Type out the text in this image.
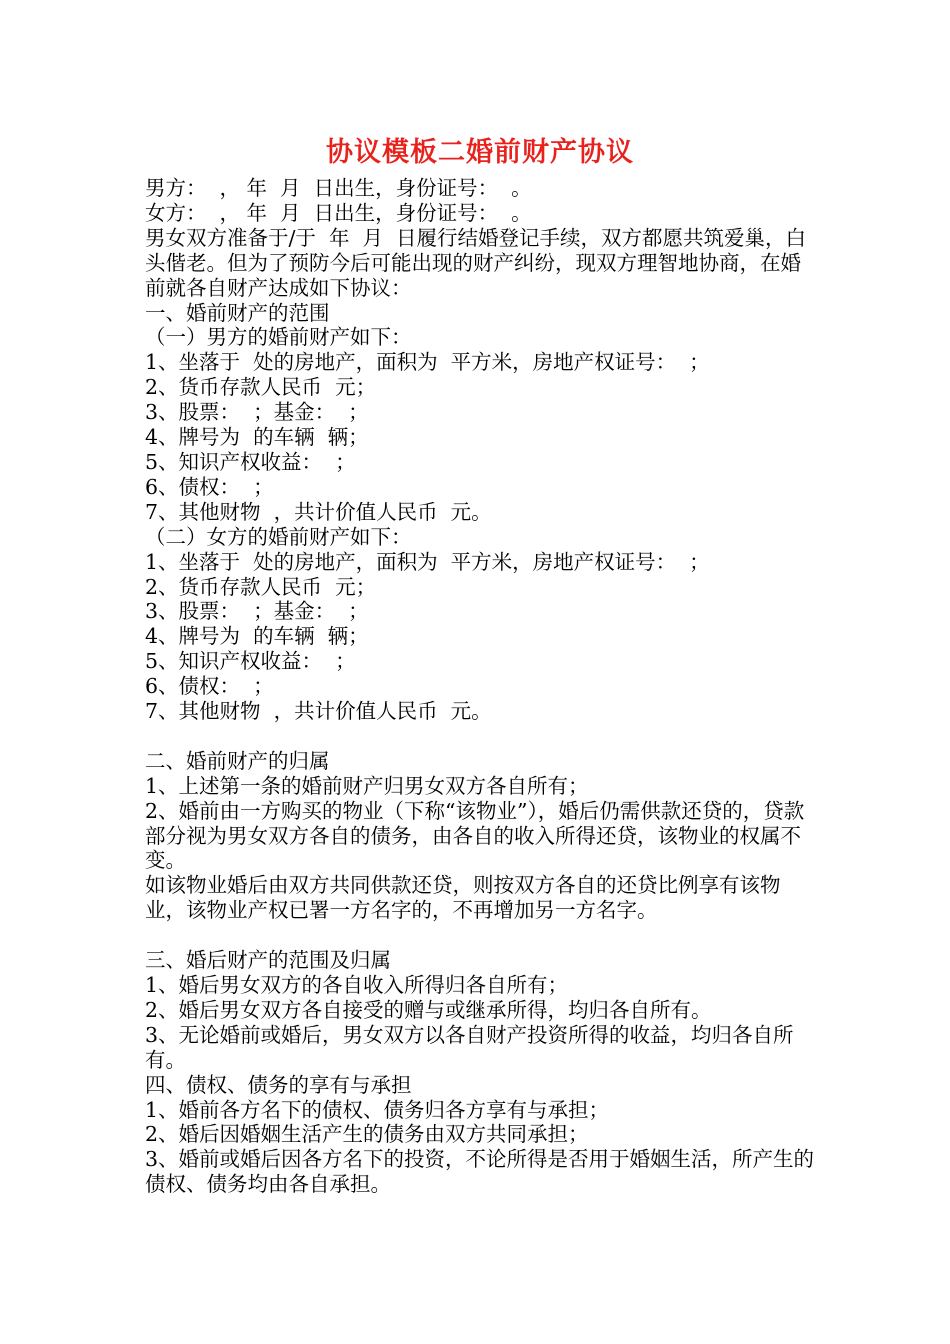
协议模板二婚前财产协议
男方：  ， 年  月  日出生，身份证号：  。
女方：  ， 年  月  日出生，身份证号：  。
男女双方准备于/于  年  月  日履行结婚登记手续，双方都愿共筑爱巢，白头偕老。但为了预防今后可能出现的财产纠纷，现双方理智地协商，在婚前就各自财产达成如下协议：
一、婚前财产的范围
（一）男方的婚前财产如下：
1、坐落于  处的房地产，面积为  平方米，房地产权证号：  ；
2、货币存款人民币  元；
3、股票：  ；基金：  ；
4、牌号为  的车辆  辆；
5、知识产权收益：  ；
6、债权：  ；
7、其他财物  ，共计价值人民币  元。
（二）女方的婚前财产如下：
1、坐落于  处的房地产，面积为  平方米，房地产权证号：  ；
2、货币存款人民币  元；
3、股票：  ；基金：  ；
4、牌号为  的车辆  辆；
5、知识产权收益：  ；
6、债权：  ；
7、其他财物  ，共计价值人民币  元。
二、婚前财产的归属
1、上述第一条的婚前财产归男女双方各自所有；
2、婚前由一方购买的物业（下称“该物业”），婚后仍需供款还贷的，贷款部分视为男女双方各自的债务，由各自的收入所得还贷，该物业的权属不变。
如该物业婚后由双方共同供款还贷，则按双方各自的还贷比例享有该物业，该物业产权已署一方名字的，不再增加另一方名字。
三、婚后财产的范围及归属
1、婚后男女双方的各自收入所得归各自所有；
2、婚后男女双方各自接受的赠与或继承所得，均归各自所有。
3、无论婚前或婚后，男女双方以各自财产投资所得的收益，均归各自所有。
四、债权、债务的享有与承担
1、婚前各方名下的债权、债务归各方享有与承担；
2、婚后因婚姻生活产生的债务由双方共同承担；
3、婚前或婚后因各方名下的投资，不论所得是否用于婚姻生活，所产生的债权、债务均由各自承担。
